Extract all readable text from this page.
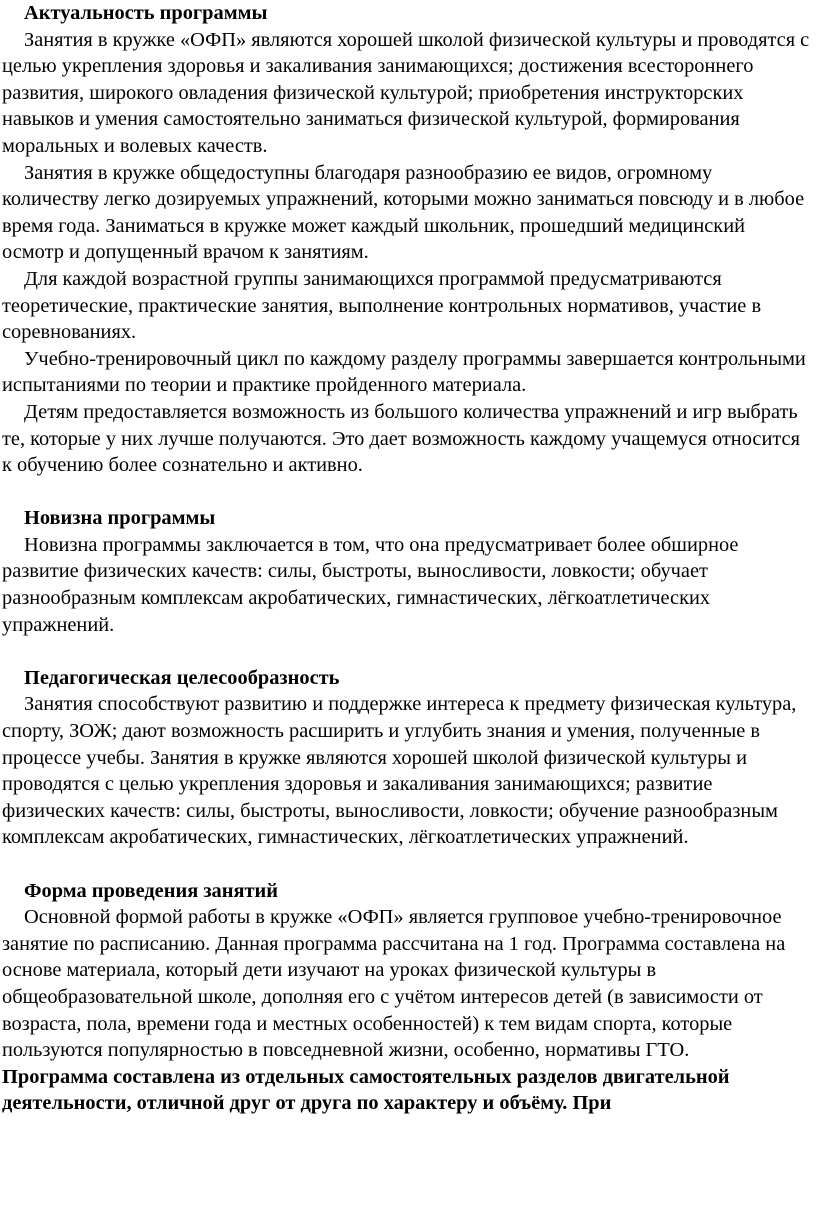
Актуальность программы

Занятия в кружке «ОФП» являются хорошей школой физической культуры и проводятся с целью укрепления здоровья и закаливания занимающихся; достижения всестороннего развития, широкого овладения физической культурой; приобретения инструкторских навыков и умения самостоятельно заниматься физической культурой, формирования моральных и волевых качеств.

Занятия в кружке общедоступны благодаря разнообразию ее видов, огромному количеству легко дозируемых упражнений, которыми можно заниматься повсюду и в любое время года. Заниматься в кружке может каждый школьник, прошедший медицинский осмотр и допущенный врачом к занятиям.

Для каждой возрастной группы занимающихся программой предусматриваются теоретические, практические занятия, выполнение контрольных нормативов, участие в соревнованиях.

Учебно-тренировочный цикл по каждому разделу программы завершается контрольными испытаниями по теории и практике пройденного материала.

Детям предоставляется возможность из большого количества упражнений и игр выбрать те, которые у них лучше получаются. Это дает возможность каждому учащемуся относится к обучению более сознательно и активно.

Новизна программы

Новизна программы заключается в том, что она предусматривает более обширное развитие физических качеств: силы, быстроты, выносливости, ловкости; обучает разнообразным комплексам акробатических, гимнастических, лёгкоатлетических упражнений.

Педагогическая целесообразность

Занятия способствуют развитию и поддержке интереса к предмету физическая культура, спорту, ЗОЖ; дают возможность расширить и углубить знания и умения, полученные в процессе учебы. Занятия в кружке являются хорошей школой физической культуры и проводятся с целью укрепления здоровья и закаливания занимающихся; развитие физических качеств: силы, быстроты, выносливости, ловкости; обучение разнообразным комплексам акробатических, гимнастических, лёгкоатлетических упражнений.

Форма проведения занятий

Основной формой работы в кружке «ОФП» является групповое учебно-тренировочное занятие по расписанию. Данная программа рассчитана на 1 год. Программа составлена на основе материала, который дети изучают на уроках физической культуры в общеобразовательной школе, дополняя его с учётом интересов детей (в зависимости от возраста, пола, времени года и местных особенностей) к тем видам спорта, которые пользуются популярностью в повседневной жизни, особенно, нормативы ГТО.

Программа составлена из отдельных самостоятельных разделов двигательной деятельности, отличной друг от друга по характеру и объёму. При
